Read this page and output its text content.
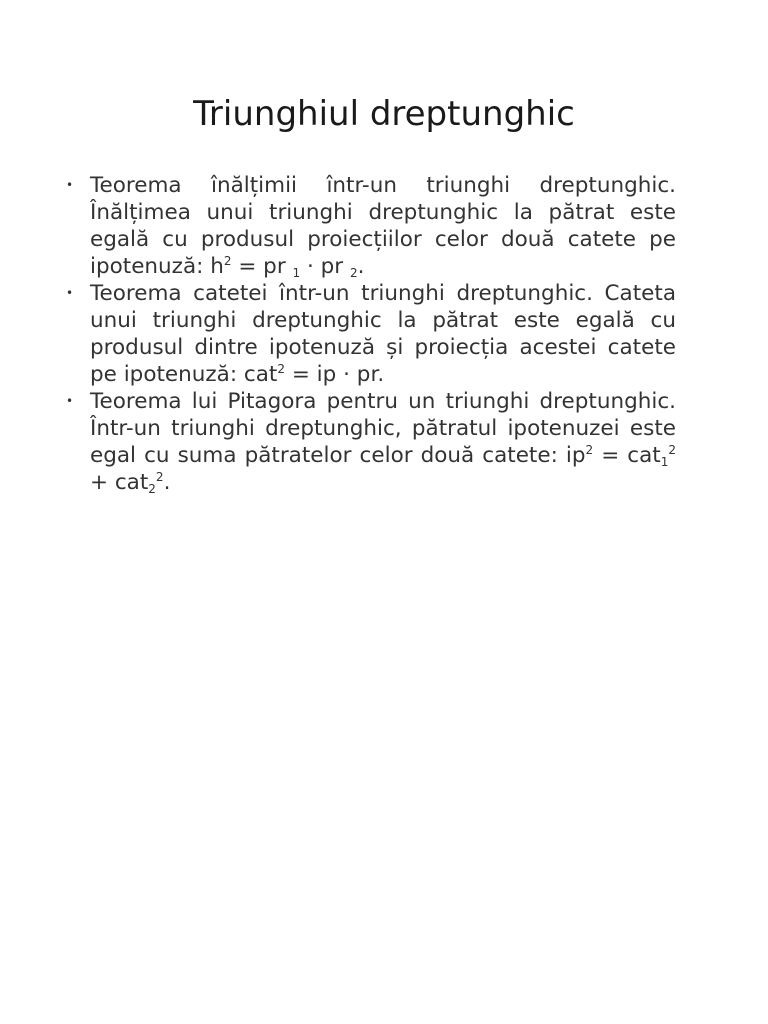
Triunghiul dreptunghic
• Teorema înălțimii într-un triunghi dreptunghic. Înălțimea unui triunghi dreptunghic la pătrat este egală cu produsul proiecțiilor celor două catete pe ipotenuză: $h^2$ = pr 1 · pr 2.
• Teorema catetei într-un triunghi dreptunghic. Cateta unui triunghi dreptunghic la pătrat este egală cu produsul dintre ipotenuză și proiecția acestei catete pe ipotenuză: cat$^2$ = ip · pr.
• Teorema lui Pitagora pentru un triunghi dreptunghic. Într-un triunghi dreptunghic, pătratul ipotenuzei este egal cu suma pătratelor celor două catete: $ip^2 = cat1^2 + cat2^2$.
